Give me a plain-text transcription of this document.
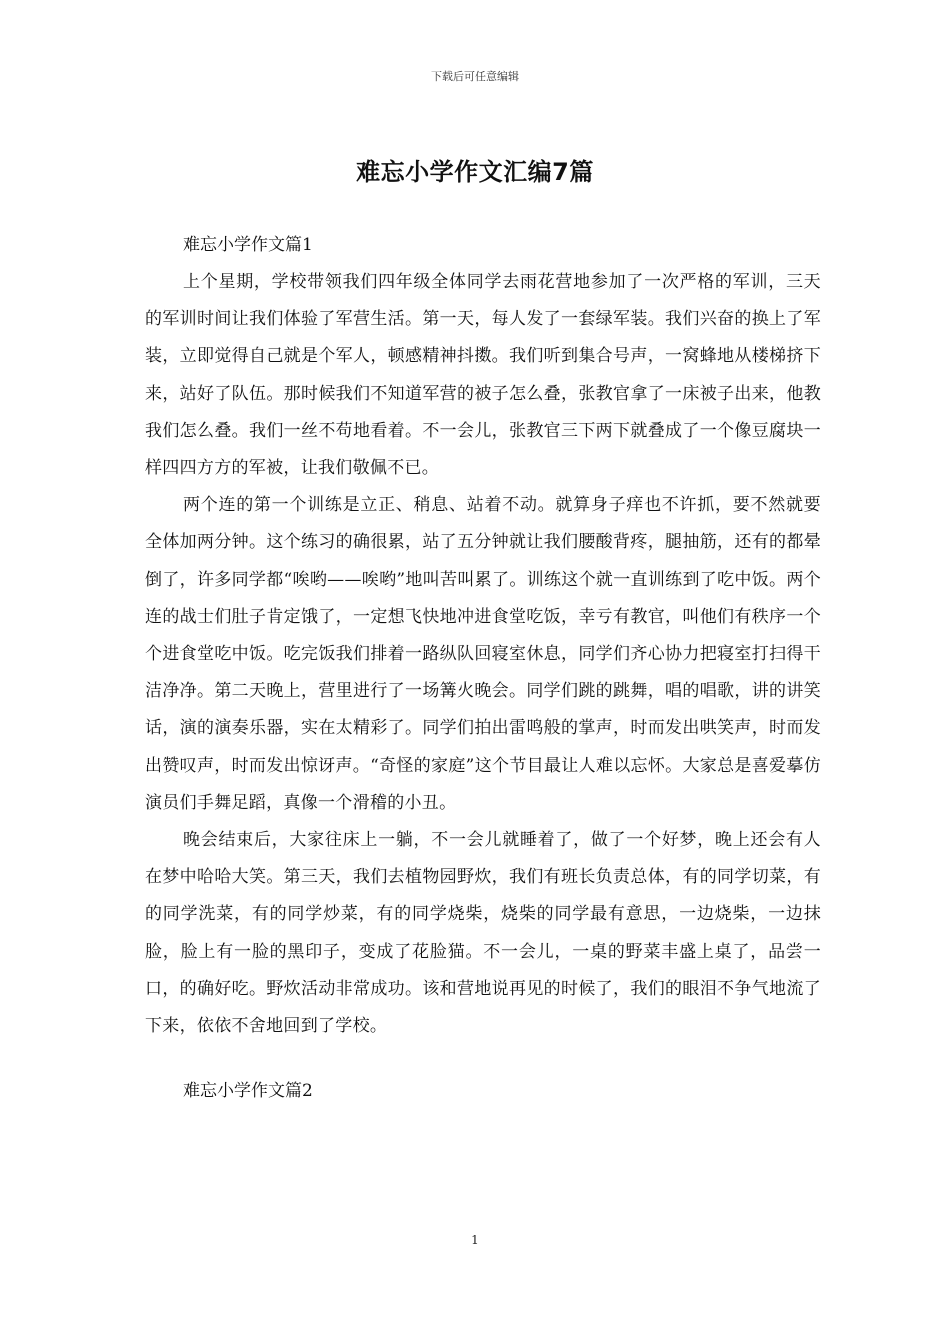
下载后可任意编辑
难忘小学作文汇编7篇

难忘小学作文篇1

上个星期，学校带领我们四年级全体同学去雨花营地参加了一次严格的军训，三天的军训时间让我们体验了军营生活。第一天，每人发了一套绿军装。我们兴奋的换上了军装，立即觉得自己就是个军人，顿感精神抖擞。我们听到集合号声，一窝蜂地从楼梯挤下来，站好了队伍。那时候我们不知道军营的被子怎么叠，张教官拿了一床被子出来，他教我们怎么叠。我们一丝不苟地看着。不一会儿，张教官三下两下就叠成了一个像豆腐块一样四四方方的军被，让我们敬佩不已。

两个连的第一个训练是立正、稍息、站着不动。就算身子痒也不许抓，要不然就要全体加两分钟。这个练习的确很累，站了五分钟就让我们腰酸背疼，腿抽筋，还有的都晕倒了，许多同学都“唉哟——唉哟”地叫苦叫累了。训练这个就一直训练到了吃中饭。两个连的战士们肚子肯定饿了，一定想飞快地冲进食堂吃饭，幸亏有教官，叫他们有秩序一个个进食堂吃中饭。吃完饭我们排着一路纵队回寝室休息，同学们齐心协力把寝室打扫得干洁净净。第二天晚上，营里进行了一场篝火晚会。同学们跳的跳舞，唱的唱歌，讲的讲笑话，演的演奏乐器，实在太精彩了。同学们拍出雷鸣般的掌声，时而发出哄笑声，时而发出赞叹声，时而发出惊讶声。“奇怪的家庭”这个节目最让人难以忘怀。大家总是喜爱摹仿演员们手舞足蹈，真像一个滑稽的小丑。

晚会结束后，大家往床上一躺，不一会儿就睡着了，做了一个好梦，晚上还会有人在梦中哈哈大笑。第三天，我们去植物园野炊，我们有班长负责总体，有的同学切菜，有的同学洗菜，有的同学炒菜，有的同学烧柴，烧柴的同学最有意思，一边烧柴，一边抹脸，脸上有一脸的黑印子，变成了花脸猫。不一会儿，一桌的野菜丰盛上桌了，品尝一口，的确好吃。野炊活动非常成功。该和营地说再见的时候了，我们的眼泪不争气地流了下来，依依不舍地回到了学校。

难忘小学作文篇2

1
